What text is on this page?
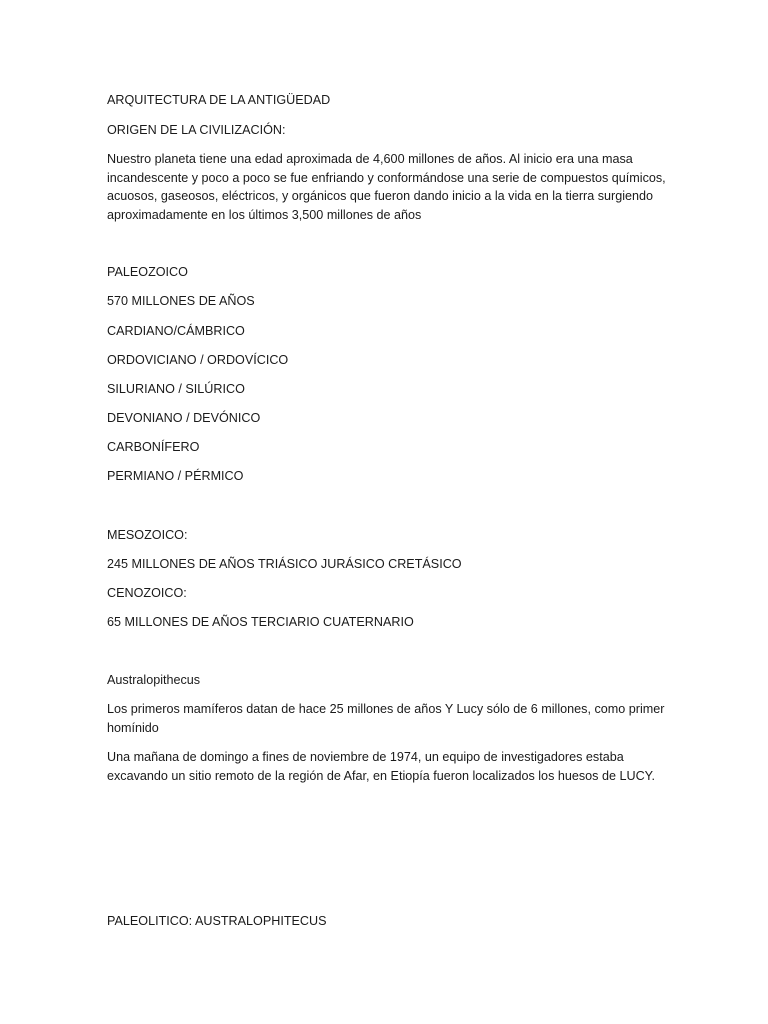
ARQUITECTURA DE LA ANTIGÜEDAD

ORIGEN DE LA CIVILIZACIÓN:

Nuestro planeta tiene una edad aproximada de 4,600 millones de años. Al inicio era una masa incandescente y poco a poco se fue enfriando y conformándose una serie de compuestos químicos, acuosos, gaseosos, eléctricos, y orgánicos que fueron dando inicio a la vida en la tierra surgiendo aproximadamente en los últimos 3,500 millones de años

PALEOZOICO

570 MILLONES DE AÑOS

CARDIANO/CÁMBRICO

ORDOVICIANO / ORDOVÍCICO

SILURIANO / SILÚRICO

DEVONIANO / DEVÓNICO

CARBONÍFERO

PERMIANO / PÉRMICO

MESOZOICO:

245 MILLONES DE AÑOS TRIÁSICO JURÁSICO CRETÁSICO

CENOZOICO:

65 MILLONES DE AÑOS TERCIARIO CUATERNARIO

Australopithecus

Los primeros mamíferos datan de hace 25 millones de años Y Lucy sólo de 6 millones, como primer homínido

Una mañana de domingo a fines de noviembre de 1974, un equipo de investigadores estaba excavando un sitio remoto de la región de Afar, en Etiopía fueron localizados los huesos de LUCY.

PALEOLITICO: AUSTRALOPHITECUS
